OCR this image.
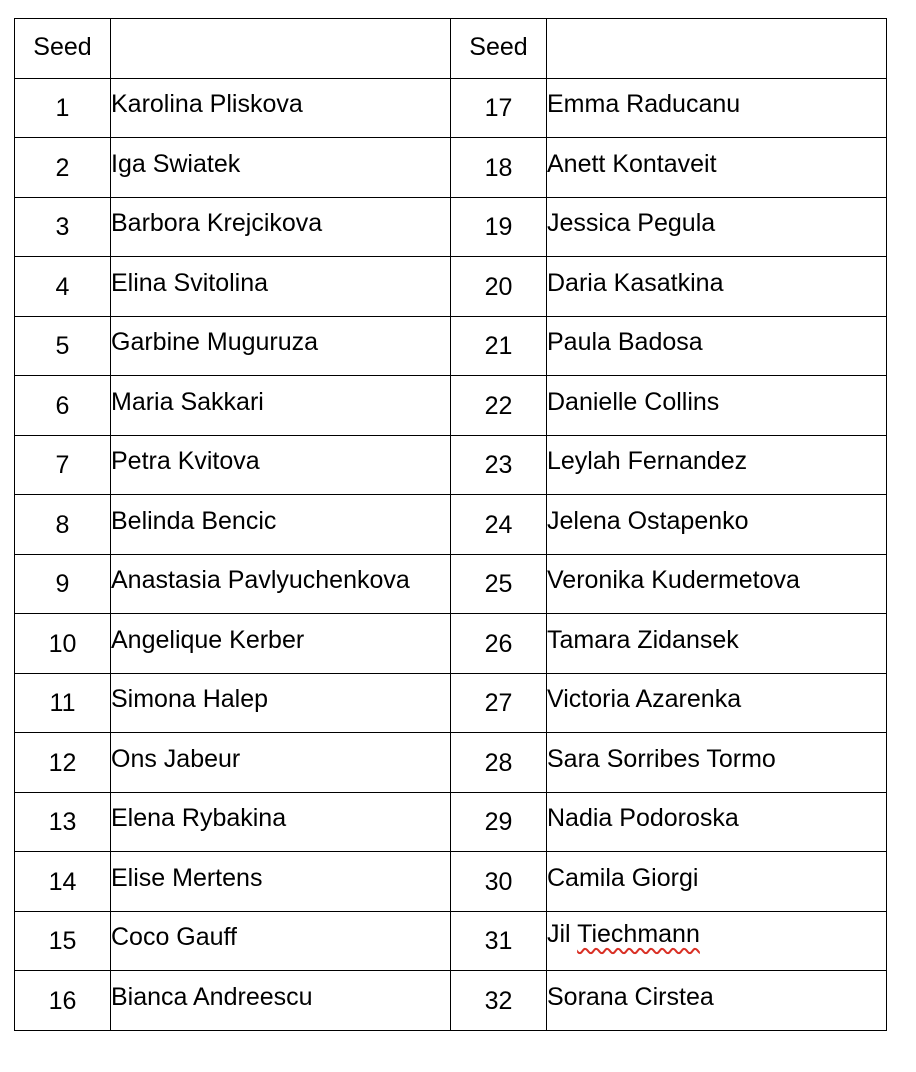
Seed		Seed	
1	Karolina Pliskova	17	Emma Raducanu
2	Iga Swiatek	18	Anett Kontaveit
3	Barbora Krejcikova	19	Jessica Pegula
4	Elina Svitolina	20	Daria Kasatkina
5	Garbine Muguruza	21	Paula Badosa
6	Maria Sakkari	22	Danielle Collins
7	Petra Kvitova	23	Leylah Fernandez
8	Belinda Bencic	24	Jelena Ostapenko
9	Anastasia Pavlyuchenkova	25	Veronika Kudermetova
10	Angelique Kerber	26	Tamara Zidansek
11	Simona Halep	27	Victoria Azarenka
12	Ons Jabeur	28	Sara Sorribes Tormo
13	Elena Rybakina	29	Nadia Podoroska
14	Elise Mertens	30	Camila Giorgi
15	Coco Gauff	31	Jil Tiechmann
16	Bianca Andreescu	32	Sorana Cirstea
